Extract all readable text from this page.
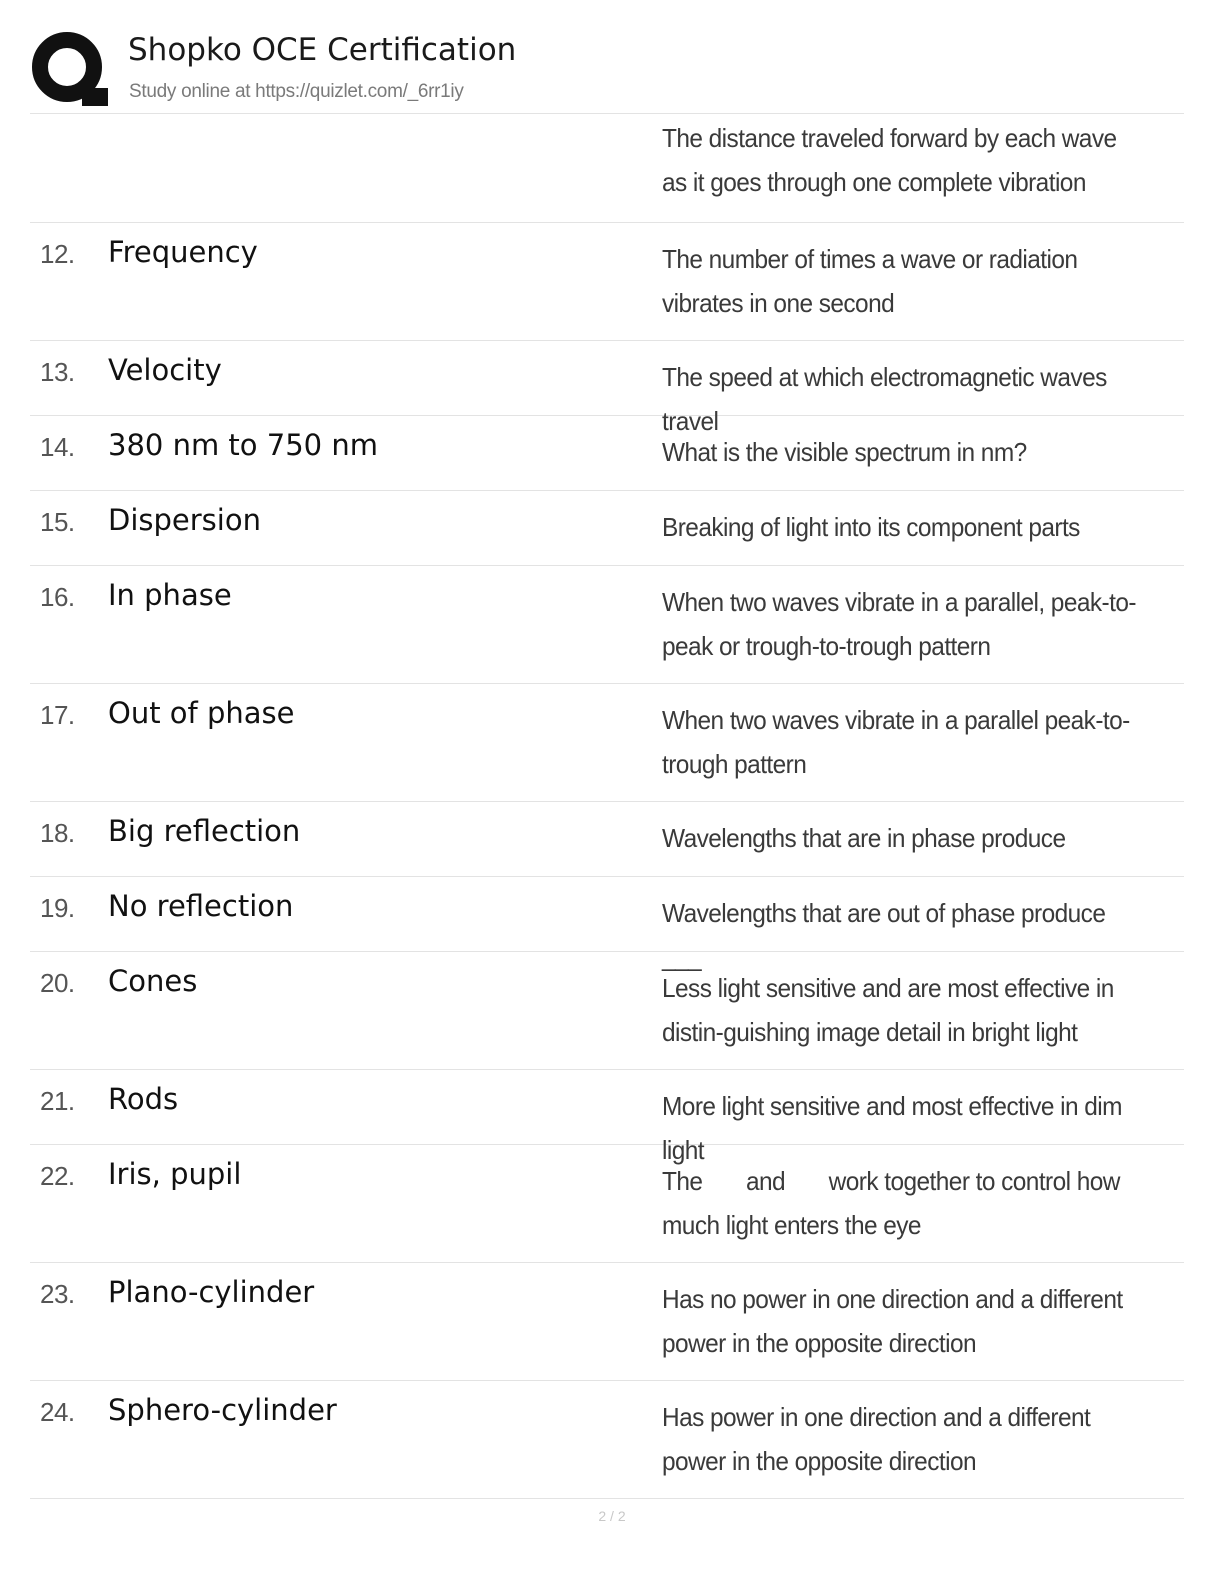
Shopko OCE Certification
Study online at https://quizlet.com/_6rr1iy
The distance traveled forward by each wave as it goes through one complete vibration
12. Frequency	The number of times a wave or radiation vibrates in one second
13. Velocity	The speed at which electromagnetic waves travel
14. 380 nm to 750 nm	What is the visible spectrum in nm?
15. Dispersion	Breaking of light into its component parts
16. In phase	When two waves vibrate in a parallel, peak-to-peak or trough-to-trough pattern
17. Out of phase	When two waves vibrate in a parallel peak-to-trough pattern
18. Big reflection	Wavelengths that are in phase produce
19. No reflection	Wavelengths that are out of phase produce ___
20. Cones	Less light sensitive and are most effective in distin-guishing image detail in bright light
21. Rods	More light sensitive and most effective in dim light
22. Iris, pupil	The       and       work together to control how much light enters the eye
23. Plano-cylinder	Has no power in one direction and a different power in the opposite direction
24. Sphero-cylinder	Has power in one direction and a different power in the opposite direction
2 / 2
